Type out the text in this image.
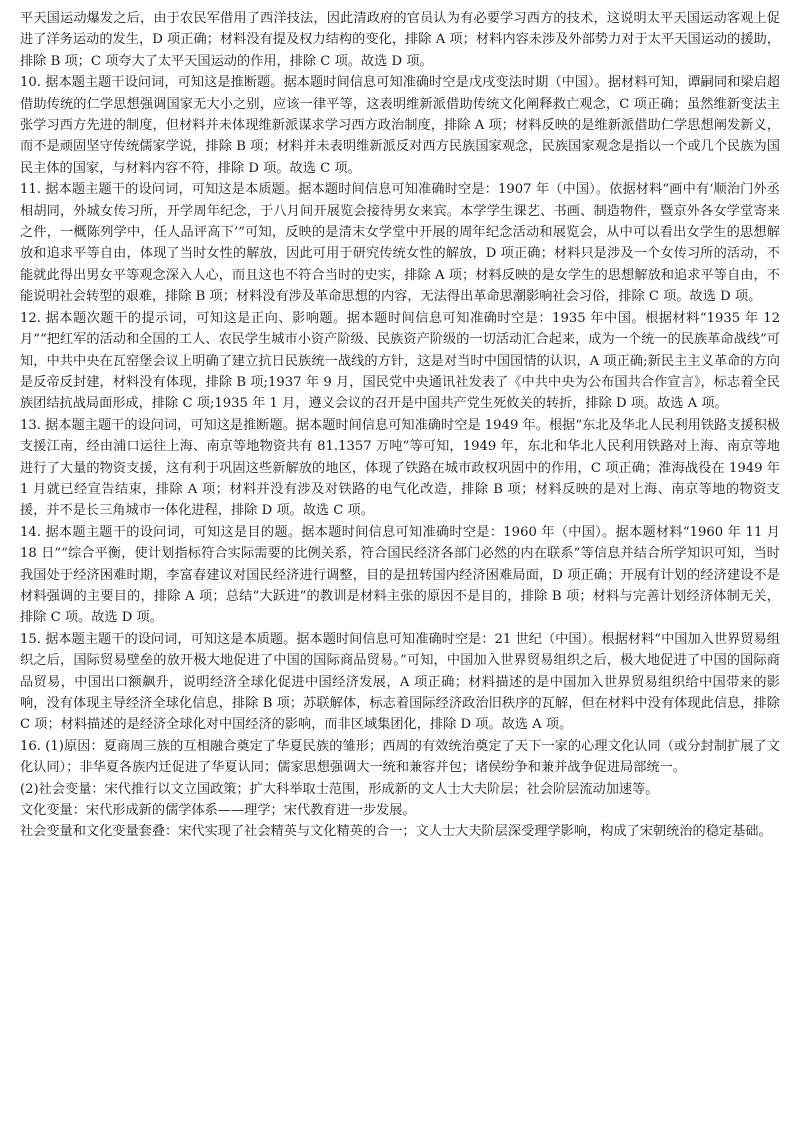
平天国运动爆发之后，由于农民军借用了西洋技法，因此清政府的官员认为有必要学习西方的技术，这说明太平天国运动客观上促进了洋务运动的发生，D 项正确；材料没有提及权力结构的变化，排除 A 项；材料内容未涉及外部势力对于太平天国运动的援助，排除 B 项；C 项夸大了太平天国运动的作用，排除 C 项。故选 D 项。

10. 据本题主题干设问词，可知这是推断题。据本题时间信息可知准确时空是戊戌变法时期（中国）。据材料可知，谭嗣同和梁启超借助传统的仁学思想强调国家无大小之别，应该一律平等，这表明维新派借助传统文化阐释救亡观念，C 项正确；虽然维新变法主张学习西方先进的制度，但材料并未体现维新派谋求学习西方政治制度，排除 A 项；材料反映的是维新派借助仁学思想阐发新义，而不是顽固坚守传统儒家学说，排除 B 项；材料并未表明维新派反对西方民族国家观念，民族国家观念是指以一个或几个民族为国民主体的国家，与材料内容不符，排除 D 项。故选 C 项。

11. 据本题主题干的设问词，可知这是本质题。据本题时间信息可知准确时空是：1907 年（中国）。依据材料“画中有‘顺治门外丞相胡同，外城女传习所，开学周年纪念，于八月间开展览会接待男女来宾。本学学生课艺、书画、制造物件，暨京外各女学堂寄来之件，一概陈列学中，任人品评高下’”可知，反映的是清末女学堂中开展的周年纪念活动和展览会，从中可以看出女学生的思想解放和追求平等自由，体现了当时女性的解放，因此可用于研究传统女性的解放，D 项正确；材料只是涉及一个女传习所的活动，不能就此得出男女平等观念深入人心，而且这也不符合当时的史实，排除 A 项；材料反映的是女学生的思想解放和追求平等自由，不能说明社会转型的艰难，排除 B 项；材料没有涉及革命思想的内容，无法得出革命思潮影响社会习俗，排除 C 项。故选 D 项。

12. 据本题次题干的提示词，可知这是正向、影响题。据本题时间信息可知准确时空是：1935 年中国。根据材料“1935 年 12 月”“把红军的活动和全国的工人、农民学生城市小资产阶级、民族资产阶级的一切活动汇合起来，成为一个统一的民族革命战线”可知，中共中央在瓦窑堡会议上明确了建立抗日民族统一战线的方针，这是对当时中国国情的认识，A 项正确;新民主主义革命的方向是反帝反封建，材料没有体现，排除 B 项;1937 年 9 月，国民党中央通讯社发表了《中共中央为公布国共合作宣言》，标志着全民族团结抗战局面形成，排除 C 项;1935 年 1 月，遵义会议的召开是中国共产党生死攸关的转折，排除 D 项。故选 A 项。

13. 据本题主题干的设问词，可知这是推断题。据本题时间信息可知准确时空是 1949 年。根据“东北及华北人民利用铁路支援积极支援江南，经由浦口运往上海、南京等地物资共有 81.1357 万吨”等可知，1949 年，东北和华北人民利用铁路对上海、南京等地进行了大量的物资支援，这有利于巩固这些新解放的地区，体现了铁路在城市政权巩固中的作用，C 项正确；淮海战役在 1949 年 1 月就已经宣告结束，排除 A 项；材料并没有涉及对铁路的电气化改造，排除 B 项；材料反映的是对上海、南京等地的物资支援，并不是长三角城市一体化进程，排除 D 项。故选 C 项。

14. 据本题主题干的设问词，可知这是目的题。据本题时间信息可知准确时空是：1960 年（中国）。据本题材料“1960 年 11 月 18 日”“综合平衡，使计划指标符合实际需要的比例关系，符合国民经济各部门必然的内在联系”等信息并结合所学知识可知，当时我国处于经济困难时期，李富春建议对国民经济进行调整，目的是扭转国内经济困难局面，D 项正确；开展有计划的经济建设不是材料强调的主要目的，排除 A 项；总结“大跃进”的教训是材料主张的原因不是目的，排除 B 项；材料与完善计划经济体制无关，排除 C 项。故选 D 项。

15. 据本题主题干的设问词，可知这是本质题。据本题时间信息可知准确时空是：21 世纪（中国）。根据材料“中国加入世界贸易组织之后，国际贸易壁垒的放开极大地促进了中国的国际商品贸易。”可知，中国加入世界贸易组织之后，极大地促进了中国的国际商品贸易，中国出口额飙升，说明经济全球化促进中国经济发展，A 项正确；材料描述的是中国加入世界贸易组织给中国带来的影响，没有体现主导经济全球化信息，排除 B 项；苏联解体，标志着国际经济政治旧秩序的瓦解，但在材料中没有体现此信息，排除 C 项；材料描述的是经济全球化对中国经济的影响，而非区域集团化，排除 D 项。故选 A 项。

16. (1)原因：夏商周三族的互相融合奠定了华夏民族的雏形；西周的有效统治奠定了天下一家的心理文化认同（或分封制扩展了文化认同）；非华夏各族内迁促进了华夏认同；儒家思想强调大一统和兼容并包；诸侯纷争和兼并战争促进局部统一。

(2)社会变量：宋代推行以文立国政策；扩大科举取士范围，形成新的文人士大夫阶层；社会阶层流动加速等。

文化变量：宋代形成新的儒学体系——理学；宋代教育进一步发展。

社会变量和文化变量套叠：宋代实现了社会精英与文化精英的合一；文人士大夫阶层深受理学影响，构成了宋朝统治的稳定基础。
